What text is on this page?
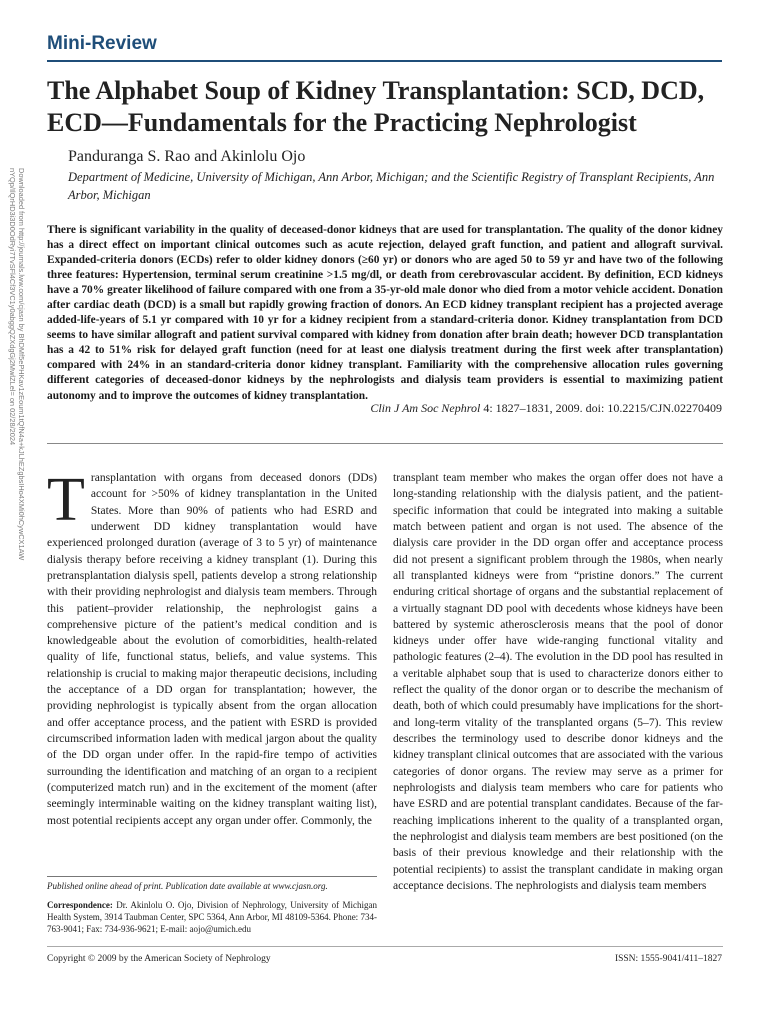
Mini-Review
The Alphabet Soup of Kidney Transplantation: SCD, DCD, ECD—Fundamentals for the Practicing Nephrologist
Panduranga S. Rao and Akinlolu Ojo
Department of Medicine, University of Michigan, Ann Arbor, Michigan; and the Scientific Registry of Transplant Recipients, Ann Arbor, Michigan
There is significant variability in the quality of deceased-donor kidneys that are used for transplantation. The quality of the donor kidney has a direct effect on important clinical outcomes such as acute rejection, delayed graft function, and patient and allograft survival. Expanded-criteria donors (ECDs) refer to older kidney donors (≥60 yr) or donors who are aged 50 to 59 yr and have two of the following three features: Hypertension, terminal serum creatinine >1.5 mg/dl, or death from cerebrovascular accident. By definition, ECD kidneys have a 70% greater likelihood of failure compared with one from a 35-yr-old male donor who died from a motor vehicle accident. Donation after cardiac death (DCD) is a small but rapidly growing fraction of donors. An ECD kidney transplant recipient has a projected average added-life-years of 5.1 yr compared with 10 yr for a kidney recipient from a standard-criteria donor. Kidney transplantation from DCD seems to have similar allograft and patient survival compared with kidney from donation after brain death; however DCD transplantation has a 42 to 51% risk for delayed graft function (need for at least one dialysis treatment during the first week after transplantation) compared with 24% in an standard-criteria donor kidney transplant. Familiarity with the comprehensive allocation rules governing different categories of deceased-donor kidneys by the nephrologists and dialysis team providers is essential to maximizing patient autonomy and to improve the outcomes of kidney transplantation.
Clin J Am Soc Nephrol 4: 1827–1831, 2009. doi: 10.2215/CJN.02270409
Transplantation with organs from deceased donors (DDs) account for >50% of kidney transplantation in the United States. More than 90% of patients who had ESRD and underwent DD kidney transplantation would have experienced prolonged duration (average of 3 to 5 yr) of maintenance dialysis therapy before receiving a kidney transplant (1). During this pretransplantation dialysis spell, patients develop a strong relationship with their providing nephrologist and dialysis team members. Through this patient–provider relationship, the nephrologist gains a comprehensive picture of the patient’s medical condition and is knowledgeable about the evolution of comorbidities, health-related quality of life, functional status, beliefs, and value systems. This relationship is crucial to making major therapeutic decisions, including the acceptance of a DD organ for transplantation; however, the providing nephrologist is typically absent from the organ allocation and offer acceptance process, and the patient with ESRD is provided circumscribed information laden with medical jargon about the quality of the DD organ under offer. In the rapid-fire tempo of activities surrounding the identification and matching of an organ to a recipient (computerized match run) and in the excitement of the moment (after seemingly interminable waiting on the kidney transplant waiting list), most potential recipients accept any organ under offer. Commonly, the
transplant team member who makes the organ offer does not have a long-standing relationship with the dialysis patient, and the patient-specific information that could be integrated into making a suitable match between patient and organ is not used. The absence of the dialysis care provider in the DD organ offer and acceptance process did not present a significant problem through the 1980s, when nearly all transplanted kidneys were from “pristine donors.” The current enduring critical shortage of organs and the substantial replacement of a virtually stagnant DD pool with decedents whose kidneys have been battered by systemic atherosclerosis means that the pool of donor kidneys under offer have wide-ranging functional vitality and pathologic features (2–4). The evolution in the DD pool has resulted in a veritable alphabet soup that is used to characterize donors either to reflect the quality of the donor organ or to describe the mechanism of death, both of which could presumably have implications for the short- and long-term vitality of the transplanted organs (5–7). This review describes the terminology used to describe donor kidneys and the kidney transplant clinical outcomes that are associated with the various categories of donor organs. The review may serve as a primer for nephrologists and dialysis team members who care for patients who have ESRD and are potential transplant candidates. Because of the far-reaching implications inherent to the quality of a transplanted organ, the nephrologist and dialysis team members are best positioned (on the basis of their previous knowledge and their relationship with the potential recipients) to assist the transplant candidate in making organ acceptance decisions. The nephrologists and dialysis team members
Published online ahead of print. Publication date available at www.cjasn.org.
Correspondence: Dr. Akinlolu O. Ojo, Division of Nephrology, University of Michigan Health System, 3914 Taubman Center, SPC 5364, Ann Arbor, MI 48109-5364. Phone: 734-763-9041; Fax: 734-936-9621; E-mail: aojo@umich.edu
Copyright © 2009 by the American Society of Nephrology	ISSN: 1555-9041/411–1827
Downloaded from http://journals.lww.com/cjasn by BhDMf5ePHKav1zEoum1tQfN4a+kJLhEZgbsIHo4XMi0hCywCX1AW
nYQp/IlQrHD3i3D0OdRyi7TvSFl4Cf3VC1y0abggQZXdgGj2MwlZLel= on 02/28/2024
